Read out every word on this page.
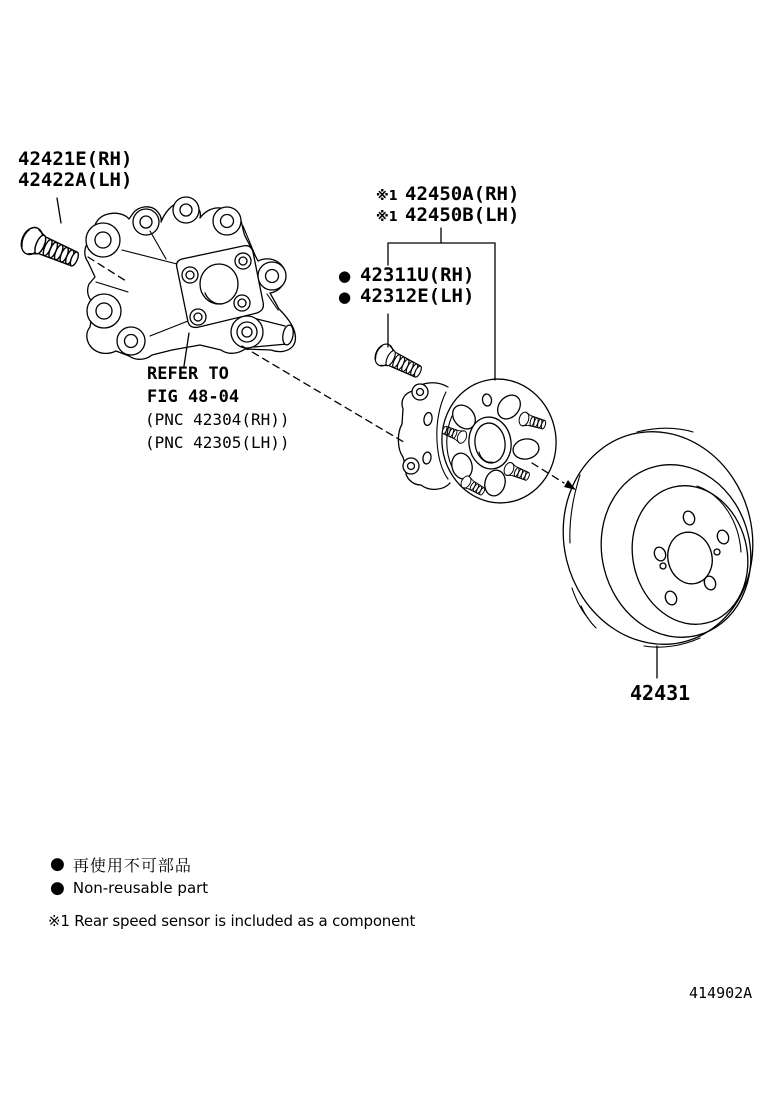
42421E(RH)
42422A(LH)
※1 42450A(RH)
※1 42450B(LH)
● 42311U(RH)
● 42312E(LH)
REFER TO
FIG 48-04
(PNC 42304(RH))
(PNC 42305(LH))
42431
● 再使用不可部品
● Non-reusable part
※1 Rear speed sensor is included as a component
414902A
